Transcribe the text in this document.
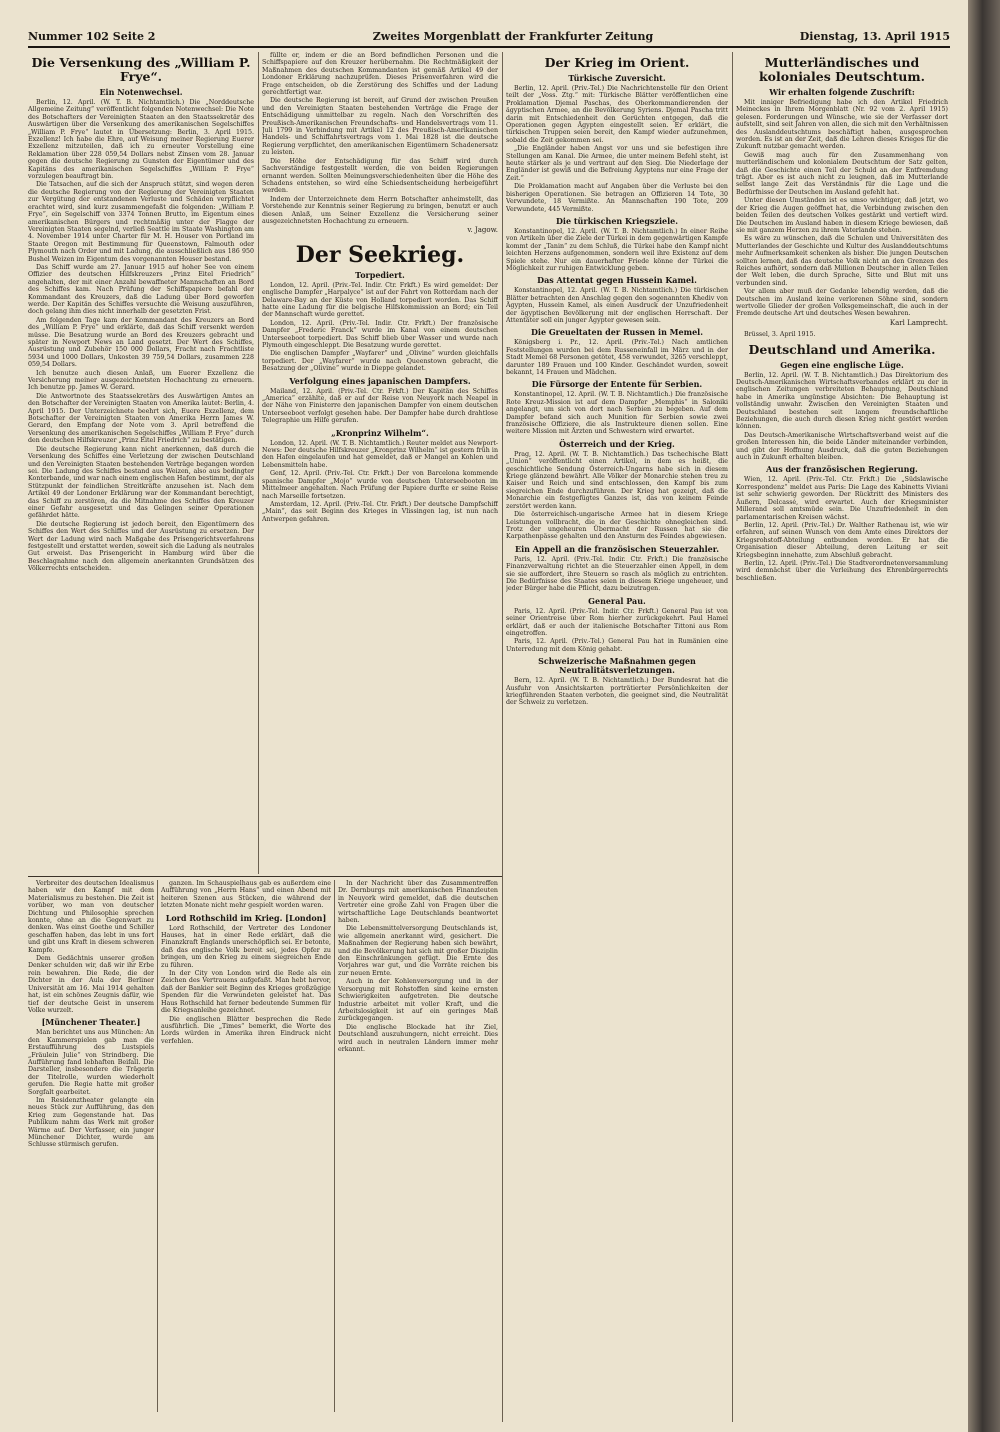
Nummer 102 Seite 2	Zweites Morgenblatt der Frankfurter Zeitung	Dienstag, 13. April 1915
Die Versenkung des „William P. Frye“.
Ein Notenwechsel.

Berlin, 12. April. (W. T. B. Nichtamtlich.) Die „Norddeutsche Allgemeine Zeitung“ veröffentlicht folgenden Notenwechsel: Die Note des Botschafters der Vereinigten Staaten an den Staatssekretär des Auswärtigen über die Versenkung des amerikanischen Segelschiffes „William P. Frye“ lautet in Übersetzung: Berlin, 3. April 1915. Exzellenz! Ich habe die Ehre, auf Weisung meiner Regierung Euerer Exzellenz mitzuteilen, daß ich zu erneuter Vorstellung eine Reklamation über 228 059,54 Dollars nebst Zinsen vom 28. Januar gegen die deutsche Regierung zu Gunsten der Eigentümer und des Kapitäns des amerikanischen Segelschiffes „William P. Frye“ vorzulegen beauftragt bin.

Die Tatsachen, auf die sich der Anspruch stützt, sind wegen deren die deutsche Regierung von der Regierung der Vereinigten Staaten zur Vergütung der entstandenen Verluste und Schäden verpflichtet erachtet wird, sind kurz zusammengefaßt die folgenden: „William P. Frye“, ein Segelschiff von 3374 Tonnen Brutto, im Eigentum eines amerikanischen Bürgers und rechtmäßig unter der Flagge der Vereinigten Staaten segelnd, verließ Seattle im Staate Washington am 4. November 1914 unter Charter für M. H. Houser von Portland im Staate Oregon mit Bestimmung für Queenstown, Falmouth oder Plymouth nach Order und mit Ladung, die ausschließlich aus 186 950 Bushel Weizen im Eigentum des vorgenannten Houser bestand.

Das Schiff wurde am 27. Januar 1915 auf hoher See von einem Offizier des deutschen Hilfskreuzers „Prinz Eitel Friedrich“ angehalten, der mit einer Anzahl bewaffneter Mannschaften an Bord des Schiffes kam. Nach Prüfung der Schiffspapiere befahl der Kommandant des Kreuzers, daß die Ladung über Bord geworfen werde. Der Kapitän des Schiffes versuchte die Weisung auszuführen, doch gelang ihm dies nicht innerhalb der gesetzten Frist.

Am folgenden Tage kam der Kommandant des Kreuzers an Bord des „William P. Frye“ und erklärte, daß das Schiff versenkt werden müsse. Die Besatzung wurde an Bord des Kreuzers gebracht und später in Newport News an Land gesetzt. Der Wert des Schiffes, Ausrüstung und Zubehör 150 000 Dollars, Fracht nach Frachtliste 5934 und 1000 Dollars, Unkosten 39 759,54 Dollars, zusammen 228 059,54 Dollars.

Ich benutze auch diesen Anlaß, um Euerer Exzellenz die Versicherung meiner ausgezeichnetsten Hochachtung zu erneuern. Ich benutze pp. James W. Gerard.

Die Antwortnote des Staatssekretärs des Auswärtigen Amtes an den Botschafter der Vereinigten Staaten von Amerika lautet: Berlin, 4. April 1915. Der Unterzeichnete beehrt sich, Euere Exzellenz, dem Botschafter der Vereinigten Staaten von Amerika Herrn James W. Gerard, den Empfang der Note vom 3. April betreffend die Versenkung des amerikanischen Segelschiffes „William P. Frye“ durch den deutschen Hilfskreuzer „Prinz Eitel Friedrich“ zu bestätigen.

Die deutsche Regierung kann nicht anerkennen, daß durch die Versenkung des Schiffes eine Verletzung der zwischen Deutschland und den Vereinigten Staaten bestehenden Verträge begangen worden sei. Die Ladung des Schiffes bestand aus Weizen, also aus bedingter Konterbande, und war nach einem englischen Hafen bestimmt, der als Stützpunkt der feindlichen Streitkräfte anzusehen ist. Nach dem Artikel 49 der Londoner Erklärung war der Kommandant berechtigt, das Schiff zu zerstören, da die Mitnahme des Schiffes den Kreuzer einer Gefahr ausgesetzt und das Gelingen seiner Operationen gefährdet hätte.

Die deutsche Regierung ist jedoch bereit, den Eigentümern des Schiffes den Wert des Schiffes und der Ausrüstung zu ersetzen. Der Wert der Ladung wird nach Maßgabe des Prisengerichtsverfahrens festgestellt und erstattet werden, soweit sich die Ladung als neutrales Gut erweist. Das Prisengericht in Hamburg wird über die Beschlagnahme nach den allgemein anerkannten Grundsätzen des Völkerrechts entscheiden.

füllte er, indem er die an Bord befindlichen Personen und die Schiffspapiere auf den Kreuzer herübernahm. Die Rechtmäßigkeit der Maßnahmen des deutschen Kommandanten ist gemäß Artikel 49 der Londoner Erklärung nachzuprüfen. Dieses Prisenverfahren wird die Frage entscheiden, ob die Zerstörung des Schiffes und der Ladung gerechtfertigt war.

Die deutsche Regierung ist bereit, auf Grund der zwischen Preußen und den Vereinigten Staaten bestehenden Verträge die Frage der Entschädigung unmittelbar zu regeln. Nach den Vorschriften des Preußisch-Amerikanischen Freundschafts- und Handelsvertrags vom 11. Juli 1799 in Verbindung mit Artikel 12 des Preußisch-Amerikanischen Handels- und Schiffahrtsvertrags vom 1. Mai 1828 ist die deutsche Regierung verpflichtet, den amerikanischen Eigentümern Schadenersatz zu leisten.

Die Höhe der Entschädigung für das Schiff wird durch Sachverständige festgestellt werden, die von beiden Regierungen ernannt werden. Sollten Meinungsverschiedenheiten über die Höhe des Schadens entstehen, so wird eine Schiedsentscheidung herbeigeführt werden.

Indem der Unterzeichnete dem Herrn Botschafter anheimstellt, das Vorstehende zur Kenntnis seiner Regierung zu bringen, benutzt er auch diesen Anlaß, um Seiner Exzellenz die Versicherung seiner ausgezeichnetsten Hochachtung zu erneuern.

v. Jagow.
Der Seekrieg.
Torpediert.

London, 12. April. (Priv.-Tel. Indir. Ctr. Frkft.) Es wird gemeldet: Der englische Dampfer „Harpalyce“ ist auf der Fahrt von Rotterdam nach der Delaware-Bay an der Küste von Holland torpediert worden. Das Schiff hatte eine Ladung für die belgische Hilfskommission an Bord; ein Teil der Mannschaft wurde gerettet.

London, 12. April. (Priv.-Tel. Indir. Ctr. Frkft.) Der französische Dampfer „Frederic Franck“ wurde im Kanal von einem deutschen Unterseeboot torpediert. Das Schiff blieb über Wasser und wurde nach Plymouth eingeschleppt. Die Besatzung wurde gerettet.

Die englischen Dampfer „Wayfarer“ und „Olivine“ wurden gleichfalls torpediert. Der „Wayfarer“ wurde nach Queenstown gebracht, die Besatzung der „Olivine“ wurde in Dieppe gelandet.

Verfolgung eines japanischen Dampfers.

Mailand, 12. April. (Priv.-Tel. Ctr. Frkft.) Der Kapitän des Schiffes „America“ erzählte, daß er auf der Reise von Neuyork nach Neapel in der Nähe von Finisterre den japanischen Dampfer von einem deutschen Unterseeboot verfolgt gesehen habe. Der Dampfer habe durch drahtlose Telegraphie um Hilfe gerufen.

„Kronprinz Wilhelm“.

London, 12. April. (W. T. B. Nichtamtlich.) Reuter meldet aus Newport-News: Der deutsche Hilfskreuzer „Kronprinz Wilhelm“ ist gestern früh in den Hafen eingelaufen und hat gemeldet, daß er Mangel an Kohlen und Lebensmitteln habe.

Genf, 12. April. (Priv.-Tel. Ctr. Frkft.) Der von Barcelona kommende spanische Dampfer „Mojo“ wurde von deutschen Unterseebooten im Mittelmeer angehalten. Nach Prüfung der Papiere durfte er seine Reise nach Marseille fortsetzen.

Amsterdam, 12. April. (Priv.-Tel. Ctr. Frkft.) Der deutsche Dampfschiff „Main“, das seit Beginn des Krieges in Vlissingen lag, ist nun nach Antwerpen gefahren.

Der Krieg im Orient.
Türkische Zuversicht.

Berlin, 12. April. (Priv.-Tel.) Die Nachrichtenstelle für den Orient teilt der „Voss. Ztg.“ mit: Türkische Blätter veröffentlichen eine Proklamation Djemal Paschas, des Oberkommandierenden der ägyptischen Armee, an die Bevölkerung Syriens. Djemal Pascha tritt darin mit Entschiedenheit den Gerüchten entgegen, daß die Operationen gegen Ägypten eingestellt seien. Er erklärt, die türkischen Truppen seien bereit, den Kampf wieder aufzunehmen, sobald die Zeit gekommen sei.

„Die Engländer haben Angst vor uns und sie befestigen ihre Stellungen am Kanal. Die Armee, die unter meinem Befehl steht, ist heute stärker als je und vertraut auf den Sieg. Die Niederlage der Engländer ist gewiß und die Befreiung Ägyptens nur eine Frage der Zeit.“

Die Proklamation macht auf Angaben über die Verluste bei den bisherigen Operationen. Sie betragen an Offizieren 14 Tote, 30 Verwundete, 18 Vermißte. An Mannschaften 190 Tote, 209 Verwundete, 445 Vermißte.

Die türkischen Kriegsziele.

Konstantinopel, 12. April. (W. T. B. Nichtamtlich.) In einer Reihe von Artikeln über die Ziele der Türkei in dem gegenwärtigen Kampfe kommt der „Tanin“ zu dem Schluß, die Türkei habe den Kampf nicht leichten Herzens aufgenommen, sondern weil ihre Existenz auf dem Spiele stehe. Nur ein dauerhafter Friede könne der Türkei die Möglichkeit zur ruhigen Entwicklung geben.

Das Attentat gegen Hussein Kamel.

Konstantinopel, 12. April. (W. T. B. Nichtamtlich.) Die türkischen Blätter betrachten den Anschlag gegen den sogenannten Khediv von Ägypten, Hussein Kamel, als einen Ausdruck der Unzufriedenheit der ägyptischen Bevölkerung mit der englischen Herrschaft. Der Attentäter soll ein junger Ägypter gewesen sein.

Die Greueltaten der Russen in Memel.

Königsberg i. Pr., 12. April. (Priv.-Tel.) Nach amtlichen Feststellungen wurden bei dem Russeneinfall im März und in der Stadt Memel 68 Personen getötet, 458 verwundet, 3265 verschleppt, darunter 189 Frauen und 100 Kinder. Geschändet wurden, soweit bekannt, 14 Frauen und Mädchen.

Die Fürsorge der Entente für Serbien.

Konstantinopel, 12. April. (W. T. B. Nichtamtlich.) Die französische Rote Kreuz-Mission ist auf dem Dampfer „Memphis“ in Saloniki angelangt, um sich von dort nach Serbien zu begeben. Auf dem Dampfer befand sich auch Munition für Serbien sowie zwei französische Offiziere, die als Instrukteure dienen sollen. Eine weitere Mission mit Ärzten und Schwestern wird erwartet.

Österreich und der Krieg.

Prag, 12. April. (W. T. B. Nichtamtlich.) Das tschechische Blatt „Union“ veröffentlicht einen Artikel, in dem es heißt, die geschichtliche Sendung Österreich-Ungarns habe sich in diesem Kriege glänzend bewährt. Alle Völker der Monarchie stehen treu zu Kaiser und Reich und sind entschlossen, den Kampf bis zum siegreichen Ende durchzuführen. Der Krieg hat gezeigt, daß die Monarchie ein festgefügtes Ganzes ist, das von keinem Feinde zerstört werden kann.

Die österreichisch-ungarische Armee hat in diesem Kriege Leistungen vollbracht, die in der Geschichte ohnegleichen sind. Trotz der ungeheuren Übermacht der Russen hat sie die Karpathenpässe gehalten und den Ansturm des Feindes abgewiesen.

Ein Appell an die französischen Steuerzahler.

Paris, 12. April. (Priv.-Tel. Indir. Ctr. Frkft.) Die französische Finanzverwaltung richtet an die Steuerzahler einen Appell, in dem sie sie auffordert, ihre Steuern so rasch als möglich zu entrichten. Die Bedürfnisse des Staates seien in diesem Kriege ungeheuer, und jeder Bürger habe die Pflicht, dazu beizutragen.

General Pau.

Paris, 12. April. (Priv.-Tel. Indir. Ctr. Frkft.) General Pau ist von seiner Orientreise über Rom hierher zurückgekehrt. Paul Hamel erklärt, daß er auch der italienische Botschafter Tittoni aus Rom eingetroffen.

Paris, 12. April. (Priv.-Tel.) General Pau hat in Rumänien eine Unterredung mit dem König gehabt.

Schweizerische Maßnahmen gegen Neutralitätsverletzungen.

Bern, 12. April. (W. T. B. Nichtamtlich.) Der Bundesrat hat die Ausfuhr von Ansichtskarten porträtierter Persönlichkeiten der kriegführenden Staaten verboten, die geeignet sind, die Neutralität der Schweiz zu verletzen.

Mutterländisches und koloniales Deutschtum.
Wir erhalten folgende Zuschrift:

Mit inniger Befriedigung habe ich den Artikel Friedrich Meineckes in Ihrem Morgenblatt (Nr. 92 vom 2. April 1915) gelesen. Forderungen und Wünsche, wie sie der Verfasser dort aufstellt, sind seit Jahren von allen, die sich mit den Verhältnissen des Auslanddeutschtums beschäftigt haben, ausgesprochen worden. Es ist an der Zeit, daß die Lehren dieses Krieges für die Zukunft nutzbar gemacht werden.

Gewiß mag auch für den Zusammenhang von mutterländischem und kolonialem Deutschtum der Satz gelten, daß die Geschichte einen Teil der Schuld an der Entfremdung trägt. Aber es ist auch nicht zu leugnen, daß im Mutterlande selbst lange Zeit das Verständnis für die Lage und die Bedürfnisse der Deutschen im Ausland gefehlt hat.

Unter diesen Umständen ist es umso wichtiger, daß jetzt, wo der Krieg die Augen geöffnet hat, die Verbindung zwischen den beiden Teilen des deutschen Volkes gestärkt und vertieft wird. Die Deutschen im Ausland haben in diesem Kriege bewiesen, daß sie mit ganzem Herzen zu ihrem Vaterlande stehen.

Es wäre zu wünschen, daß die Schulen und Universitäten des Mutterlandes der Geschichte und Kultur des Auslanddeutschtums mehr Aufmerksamkeit schenken als bisher. Die jungen Deutschen sollten lernen, daß das deutsche Volk nicht an den Grenzen des Reiches aufhört, sondern daß Millionen Deutscher in allen Teilen der Welt leben, die durch Sprache, Sitte und Blut mit uns verbunden sind.

Vor allem aber muß der Gedanke lebendig werden, daß die Deutschen im Ausland keine verlorenen Söhne sind, sondern wertvolle Glieder der großen Volksgemeinschaft, die auch in der Fremde deutsche Art und deutsches Wesen bewahren.

Karl Lamprecht.

Brüssel, 3. April 1915.

Deutschland und Amerika.
Gegen eine englische Lüge.

Berlin, 12. April. (W. T. B. Nichtamtlich.) Das Direktorium des Deutsch-Amerikanischen Wirtschaftsverbandes erklärt zu der in englischen Zeitungen verbreiteten Behauptung, Deutschland habe in Amerika ungünstige Absichten: Die Behauptung ist vollständig unwahr. Zwischen den Vereinigten Staaten und Deutschland bestehen seit langem freundschaftliche Beziehungen, die auch durch diesen Krieg nicht gestört werden können.

Das Deutsch-Amerikanische Wirtschaftsverband weist auf die großen Interessen hin, die beide Länder miteinander verbinden, und gibt der Hoffnung Ausdruck, daß die guten Beziehungen auch in Zukunft erhalten bleiben.

Aus der französischen Regierung.

Wien, 12. April. (Priv.-Tel. Ctr. Frkft.) Die „Südslawische Korrespondenz“ meldet aus Paris: Die Lage des Kabinetts Viviani ist sehr schwierig geworden. Der Rücktritt des Ministers des Äußern, Delcassé, wird erwartet. Auch der Kriegsminister Millerand soll amtsmüde sein. Die Unzufriedenheit in den parlamentarischen Kreisen wächst.

Berlin, 12. April. (Priv.-Tel.) Dr. Walther Rathenau ist, wie wir erfahren, auf seinen Wunsch von dem Amte eines Direktors der Kriegsrohstoff-Abteilung entbunden worden. Er hat die Organisation dieser Abteilung, deren Leitung er seit Kriegsbeginn innehatte, zum Abschluß gebracht.

Berlin, 12. April. (Priv.-Tel.) Die Stadtverordnetenversammlung wird demnächst über die Verleihung des Ehrenbürgerrechts beschließen.

Verbreiter des deutschen Idealismus haben wir den Kampf mit dem Materialismus zu bestehen. Die Zeit ist vorüber, wo man von deutscher Dichtung und Philosophie sprechen konnte, ohne an die Gegenwart zu denken. Was einst Goethe und Schiller geschaffen haben, das lebt in uns fort und gibt uns Kraft in diesem schweren Kampfe.

Dem Gedächtnis unserer großen Denker schulden wir, daß wir ihr Erbe rein bewahren. Die Rede, die der Dichter in der Aula der Berliner Universität am 16. Mai 1914 gehalten hat, ist ein schönes Zeugnis dafür, wie tief der deutsche Geist in unserem Volke wurzelt.

[Münchener Theater.]

Man berichtet uns aus München: An den Kammerspielen gab man die Erstaufführung des Lustspiels „Fräulein Julie“ von Strindberg. Die Aufführung fand lebhaften Beifall. Die Darsteller, insbesondere die Trägerin der Titelrolle, wurden wiederholt gerufen. Die Regie hatte mit großer Sorgfalt gearbeitet.

Im Residenztheater gelangte ein neues Stück zur Aufführung, das den Krieg zum Gegenstande hat. Das Publikum nahm das Werk mit großer Wärme auf. Der Verfasser, ein junger Münchener Dichter, wurde am Schlusse stürmisch gerufen.

ganzen. Im Schauspielhaus gab es außerdem eine Aufführung von „Herrn Hans“ und einen Abend mit heiteren Szenen aus Stücken, die während der letzten Monate nicht mehr gespielt worden waren.

Lord Rothschild im Krieg. [London]

Lord Rothschild, der Vertreter des Londoner Hauses, hat in einer Rede erklärt, daß die Finanzkraft Englands unerschöpflich sei. Er betonte, daß das englische Volk bereit sei, jedes Opfer zu bringen, um den Krieg zu einem siegreichen Ende zu führen.

In der City von London wird die Rede als ein Zeichen des Vertrauens aufgefaßt. Man hebt hervor, daß der Bankier seit Beginn des Krieges großzügige Spenden für die Verwundeten geleistet hat. Das Haus Rothschild hat ferner bedeutende Summen für die Kriegsanleihe gezeichnet.

Die englischen Blätter besprechen die Rede ausführlich. Die „Times“ bemerkt, die Worte des Lords würden in Amerika ihren Eindruck nicht verfehlen.

In der Nachricht über das Zusammentreffen Dr. Dernburgs mit amerikanischen Finanzleuten in Neuyork wird gemeldet, daß die deutschen Vertreter eine große Zahl von Fragen über die wirtschaftliche Lage Deutschlands beantwortet haben.

Die Lebensmittelversorgung Deutschlands ist, wie allgemein anerkannt wird, gesichert. Die Maßnahmen der Regierung haben sich bewährt, und die Bevölkerung hat sich mit großer Disziplin den Einschränkungen gefügt. Die Ernte des Vorjahres war gut, und die Vorräte reichen bis zur neuen Ernte.

Auch in der Kohlenversorgung und in der Versorgung mit Rohstoffen sind keine ernsten Schwierigkeiten aufgetreten. Die deutsche Industrie arbeitet mit voller Kraft, und die Arbeitslosigkeit ist auf ein geringes Maß zurückgegangen.

Die englische Blockade hat ihr Ziel, Deutschland auszuhungern, nicht erreicht. Dies wird auch in neutralen Ländern immer mehr erkannt.
